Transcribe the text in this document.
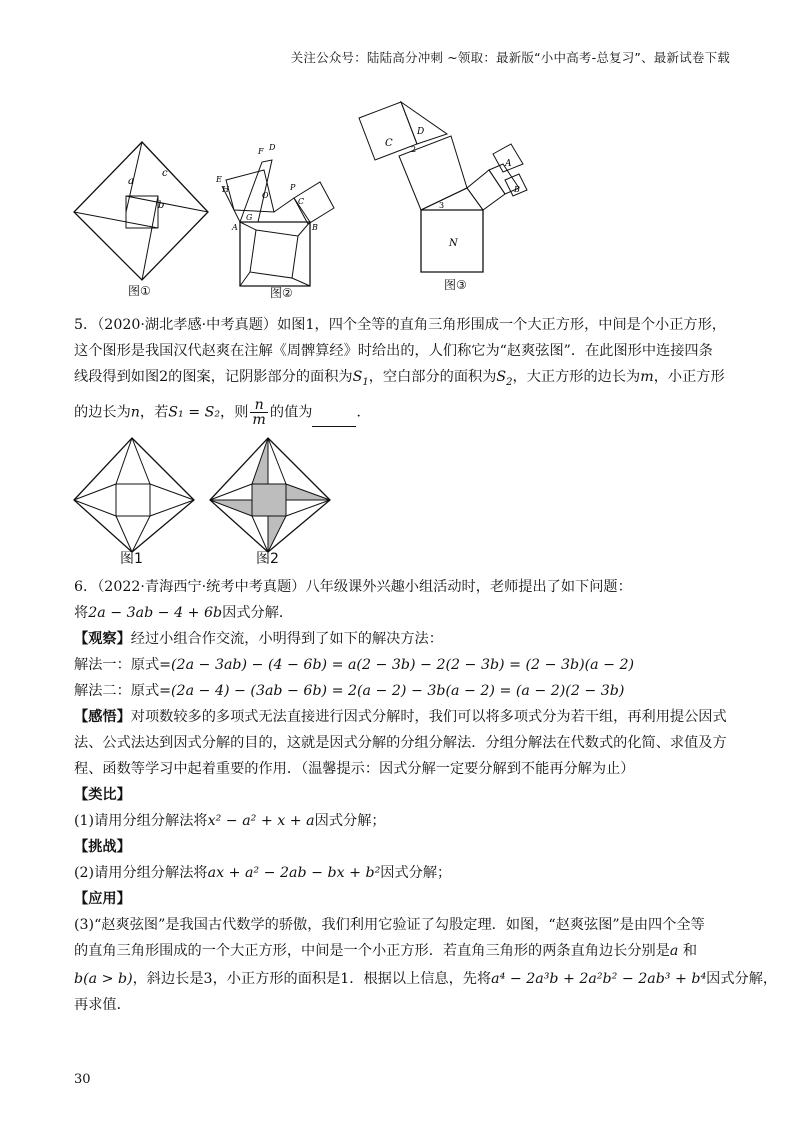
关注公众号：陆陆高分冲刺 ~领取：最新版“小中高考-总复习”、最新试卷下载
a
c
b
图①
F D
E
H
O
P
G
C
A	B
图②
C
D
2
A
B
3
N
图③
5．（2020·湖北孝感·中考真题）如图1，四个全等的直角三角形围成一个大正方形，中间是个小正方形，
这个图形是我国汉代赵爽在注解《周髀算经》时给出的，人们称它为“赵爽弦图”．在此图形中连接四条
线段得到如图2的图案，记阴影部分的面积为$S_1$，空白部分的面积为$S_2$，大正方形的边长为m，小正方形
的边长为n，若S₁ = S₂，则 $\frac{n}{m}$ 的值为	．
图1	图2
6．（2022·青海西宁·统考中考真题）八年级课外兴趣小组活动时，老师提出了如下问题：
将2a − 3ab − 4 + 6b因式分解．
【观察】经过小组合作交流，小明得到了如下的解决方法：
解法一：原式=(2a − 3ab) − (4 − 6b) = a(2 − 3b) − 2(2 − 3b) = (2 − 3b)(a − 2)
解法二：原式=(2a − 4) − (3ab − 6b) = 2(a − 2) − 3b(a − 2) = (a − 2)(2 − 3b)
【感悟】对项数较多的多项式无法直接进行因式分解时，我们可以将多项式分为若干组，再利用提公因式
法、公式法达到因式分解的目的，这就是因式分解的分组分解法．分组分解法在代数式的化简、求值及方
程、函数等学习中起着重要的作用．（温馨提示：因式分解一定要分解到不能再分解为止）
【类比】
(1)请用分组分解法将x² − a² + x + a因式分解；
【挑战】
(2)请用分组分解法将ax + a² − 2ab − bx + b²因式分解；
【应用】
(3)“赵爽弦图”是我国古代数学的骄傲，我们利用它验证了勾股定理．如图，“赵爽弦图”是由四个全等
的直角三角形围成的一个大正方形，中间是一个小正方形．若直角三角形的两条直角边长分别是a 和
b(a > b)，斜边长是3，小正方形的面积是1．根据以上信息，先将a⁴ − 2a³b + 2a²b² − 2ab³ + b⁴因式分解，
再求值．
30
